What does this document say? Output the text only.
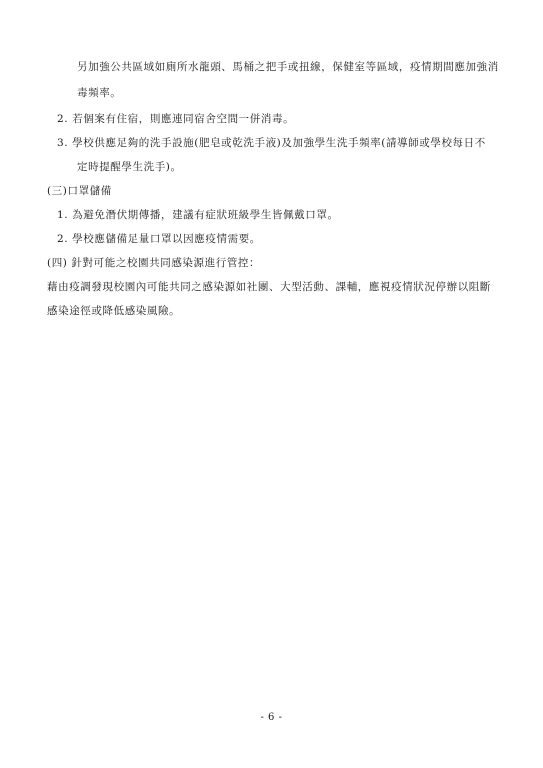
另加強公共區域如廁所水龍頭、馬桶之把手或扭線，保健室等區域，疫情期間應加強消
毒頻率。
2. 若個案有住宿，則應連同宿舍空間一併消毒。
3. 學校供應足夠的洗手設施(肥皂或乾洗手液)及加強學生洗手頻率(請導師或學校每日不
定時提醒學生洗手)。
(三)口罩儲備
1. 為避免潛伏期傳播，建議有症狀班級學生皆佩戴口罩。
2. 學校應儲備足量口罩以因應疫情需要。
(四) 針對可能之校園共同感染源進行管控：
藉由疫調發現校園內可能共同之感染源如社團、大型活動、課輔，應視疫情狀況停辦以阻斷
感染途徑或降低感染風險。
- 6 -
